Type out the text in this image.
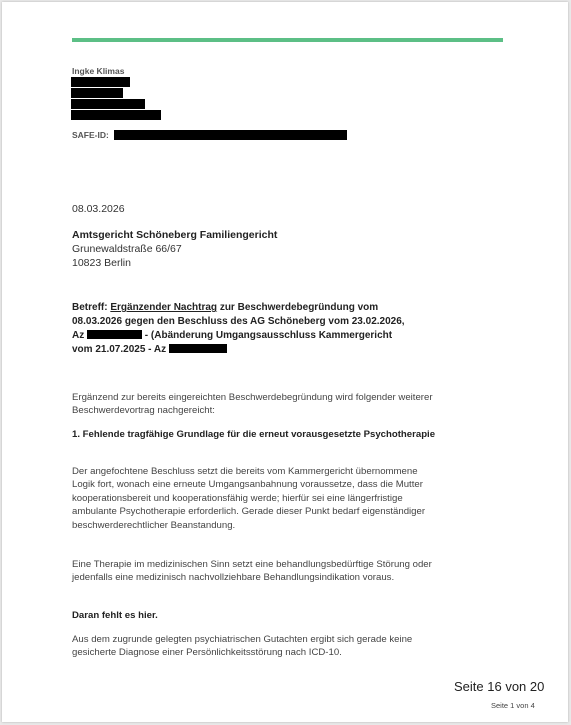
Ingke Klimas

SAFE-ID:

08.03.2026

Amtsgericht Schöneberg Familiengericht
Grunewaldstraße 66/67
10823 Berlin
Betreff: Ergänzender Nachtrag zur Beschwerdebegründung vom
08.03.2026 gegen den Beschluss des AG Schöneberg vom 23.02.2026,
Az	- (Abänderung Umgangsausschluss Kammergericht
vom 21.07.2025 - Az

Ergänzend zur bereits eingereichten Beschwerdebegründung wird folgender weiterer Beschwerdevortrag nachgereicht:

1. Fehlende tragfähige Grundlage für die erneut vorausgesetzte Psychotherapie

Der angefochtene Beschluss setzt die bereits vom Kammergericht übernommene Logik fort, wonach eine erneute Umgangsanbahnung voraussetze, dass die Mutter kooperationsbereit und kooperationsfähig werde; hierfür sei eine längerfristige ambulante Psychotherapie erforderlich. Gerade dieser Punkt bedarf eigenständiger beschwerderechtlicher Beanstandung.

Eine Therapie im medizinischen Sinn setzt eine behandlungsbedürftige Störung oder jedenfalls eine medizinisch nachvollziehbare Behandlungsindikation voraus.

Daran fehlt es hier.

Aus dem zugrunde gelegten psychiatrischen Gutachten ergibt sich gerade keine gesicherte Diagnose einer Persönlichkeitsstörung nach ICD-10.

Seite 16 von 20

Seite 1 von 4
